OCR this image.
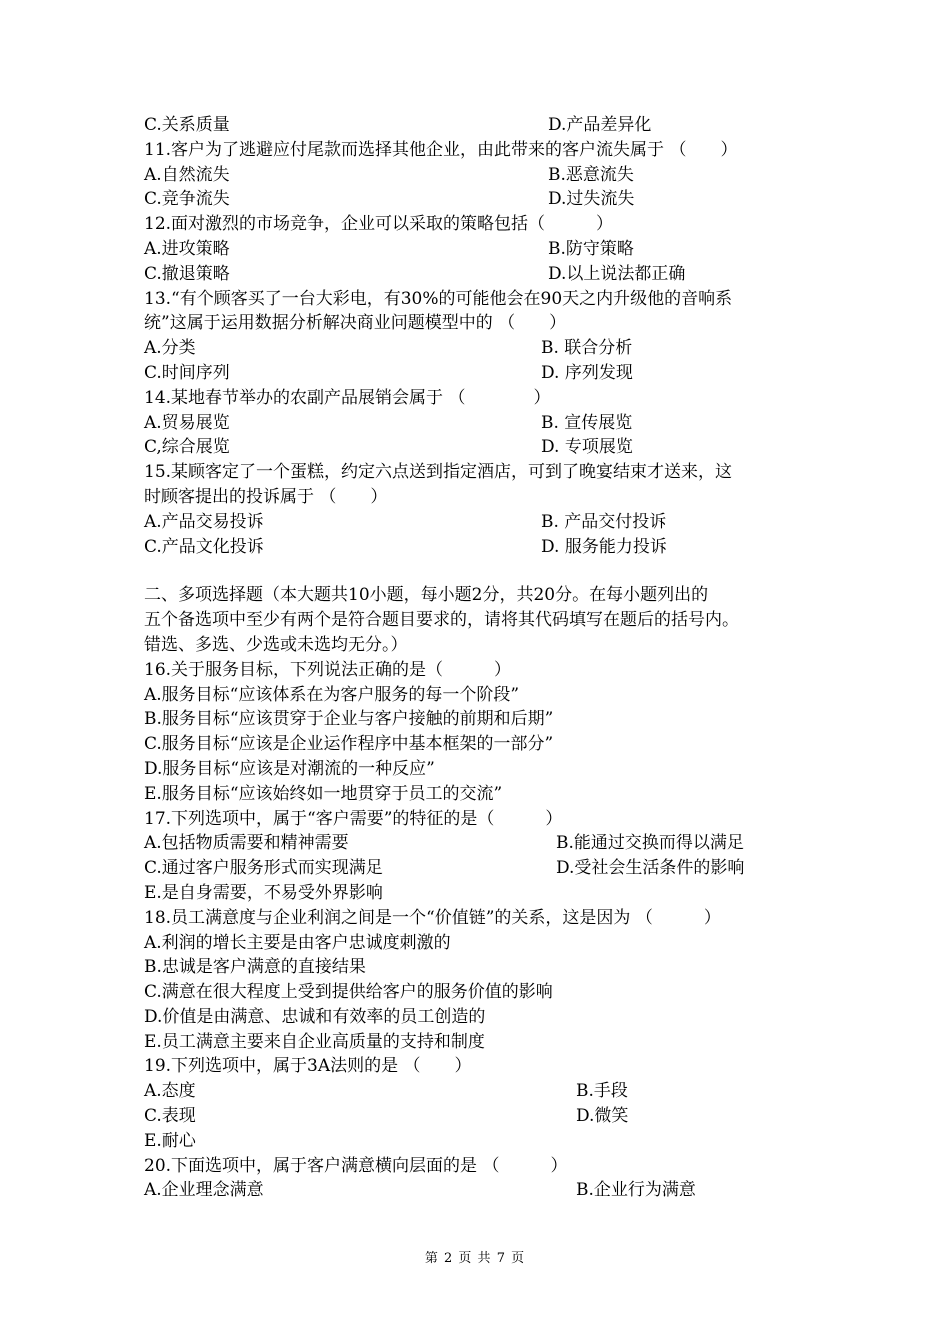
C.关系质量	D.产品差异化
11.客户为了逃避应付尾款而选择其他企业，由此带来的客户流失属于 （　　）
A.自然流失	B.恶意流失
C.竞争流失	D.过失流失
12.面对激烈的市场竞争，企业可以采取的策略包括（　　　）
A.进攻策略	B.防守策略
C.撤退策略	D.以上说法都正确
13.“有个顾客买了一台大彩电，有30%的可能他会在90天之内升级他的音响系
统”这属于运用数据分析解决商业问题模型中的 （　　）
A.分类	B. 联合分析
C.时间序列	D. 序列发现
14.某地春节举办的农副产品展销会属于 （　　　　）
A.贸易展览	B. 宣传展览
C,综合展览	D. 专项展览
15.某顾客定了一个蛋糕，约定六点送到指定酒店，可到了晚宴结束才送来，这
时顾客提出的投诉属于 （　　）
A.产品交易投诉	B. 产品交付投诉
C.产品文化投诉	D. 服务能力投诉
二、多项选择题（本大题共10小题，每小题2分，共20分。在每小题列出的
五个备选项中至少有两个是符合题目要求的，请将其代码填写在题后的括号内。
错选、多选、少选或未选均无分。）
16.关于服务目标，下列说法正确的是（　　　）
A.服务目标“应该体系在为客户服务的每一个阶段”
B.服务目标“应该贯穿于企业与客户接触的前期和后期”
C.服务目标“应该是企业运作程序中基本框架的一部分”
D.服务目标“应该是对潮流的一种反应”
E.服务目标“应该始终如一地贯穿于员工的交流”
17.下列选项中，属于“客户需要”的特征的是（　　　）
A.包括物质需要和精神需要	B.能通过交换而得以满足
C.通过客户服务形式而实现满足	D.受社会生活条件的影响
E.是自身需要，不易受外界影响
18.员工满意度与企业利润之间是一个“价值链”的关系，这是因为 （　　　）
A.利润的增长主要是由客户忠诚度刺激的
B.忠诚是客户满意的直接结果
C.满意在很大程度上受到提供给客户的服务价值的影响
D.价值是由满意、忠诚和有效率的员工创造的
E.员工满意主要来自企业高质量的支持和制度
19.下列选项中，属于3A法则的是 （　　）
A.态度	B.手段
C.表现	D.微笑
E.耐心
20.下面选项中，属于客户满意横向层面的是 （　　　）
A.企业理念满意	B.企业行为满意
第 2 页 共 7 页
